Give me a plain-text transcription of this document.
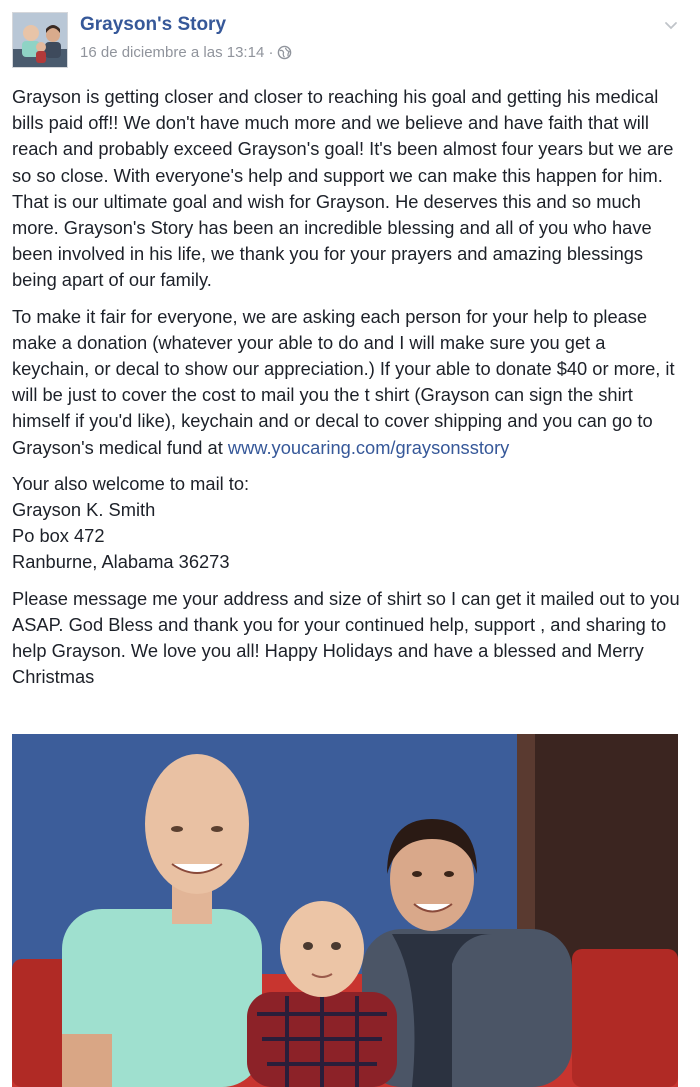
Grayson's Story
16 de diciembre a las 13:14 ·

Grayson is getting closer and closer to reaching his goal and getting his medical bills paid off!! We don't have much more and we believe and have faith that will reach and probably exceed Grayson's goal! It's been almost four years but we are so so close. With everyone's help and support we can make this happen for him. That is our ultimate goal and wish for Grayson. He deserves this and so much more. Grayson's Story has been an incredible blessing and all of you who have been involved in his life, we thank you for your prayers and amazing blessings being apart of our family.

To make it fair for everyone, we are asking each person for your help to please make a donation (whatever your able to do and I will make sure you get a keychain, or decal to show our appreciation.) If your able to donate $40 or more, it will be just to cover the cost to mail you the t shirt (Grayson can sign the shirt himself if you'd like), keychain and or decal to cover shipping and you can go to Grayson's medical fund at www.youcaring.com/graysonsstory

Your also welcome to mail to:
Grayson K. Smith
Po box 472
Ranburne, Alabama 36273

Please message me your address and size of shirt so I can get it mailed out to you ASAP. God Bless and thank you for your continued help, support , and sharing to help Grayson. We love you all! Happy Holidays and have a blessed and Merry Christmas
